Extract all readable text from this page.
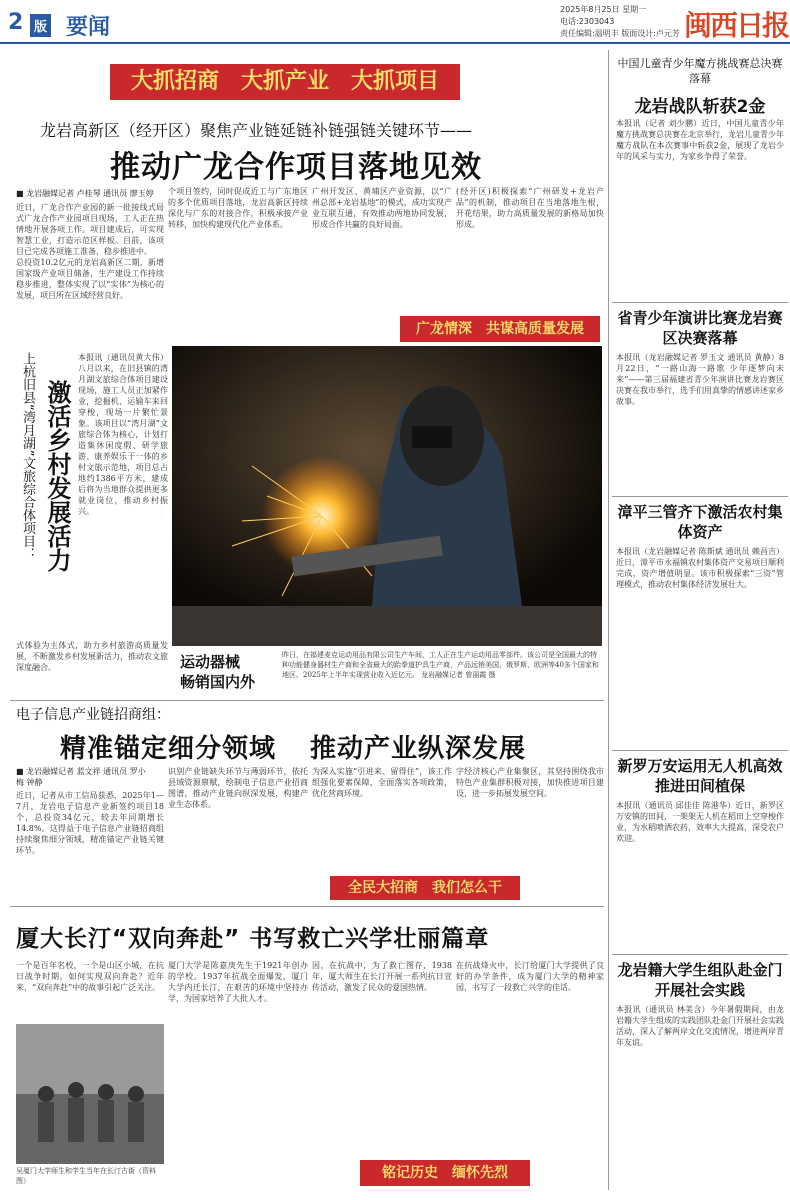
2 版 要闻
2025年8月25日 星期一
电话:2303043
责任编辑:温明丰 版面设计:卢元芳 闽西日报
大抓招商　大抓产业　大抓项目
龙岩高新区（经开区）聚焦产业链延链补链强链关键环节——
推动广龙合作项目落地见效
■ 龙岩融媒记者 卢桂琴 通讯员 廖玉婷

近日，广龙合作产业园的新一批接线式局式广龙合作产业园项目现场，工人正在热情地开展各项工作。项目建成后，可实现智慧工业，打造示范区样板。目前，该项目已完成各项施工准备，稳步推进中。

总投资10.2亿元的龙岩高新区二期，新增国家级产业项目储备，生产建设工作持续稳步推进，整体实现了以“实体”为核心的发展，项目所在区域经营良好。

个项目签约，同时促成近工与广东地区的多个优质项目落地，龙岩高新区持续深化与广东的对接合作，积极承接产业转移，加快构建现代化产业体系。
广州开发区、黄埔区产业资源，以“广州总部+龙岩基地”的模式，成功实现产业互联互通，有效推动两地协同发展，形成合作共赢的良好局面。
(经开区)积极探索“广州研发+龙岩产品”的机制，推动项目在当地落地生根，开花结果，助力高质量发展的新格局加快形成。
广龙情深　共谋高质量发展
上杭旧县“湾月湖”文旅综合体项目： 激活乡村发展活力
本报讯（通讯员黄大伟）八月以来，在旧县镇的湾月湖文旅综合体项目建设现场，施工人员正加紧作业，挖掘机、运输车来回穿梭，现场一片繁忙景象。该项目以“湾月湖”文旅综合体为核心，计划打造集休闲度假、研学旅游、康养娱乐于一体的乡村文旅示范地，项目总占地约1386平方米，建成后将为当地群众提供更多就业岗位，推动乡村振兴。
式体验为主体式，助力乡村旅游高质量发展，不断激发乡村发展新活力，推动农文旅深度融合。	运动器械
畅销国内外
昨日，在福建麦克运动用品有限公司生产车间，工人正在生产运动用品零部件。该公司是全国最大的特种功能健身器材生产商和全省最大的跆拳道护具生产商，产品远销美国、俄罗斯、欧洲等40多个国家和地区。2025年上半年实现营业收入近亿元。 龙岩融媒记者 曾丽霞 摄
电子信息产业链招商组：
精准锚定细分领域 推动产业纵深发展
■ 龙岩融媒记者 蓝文祥 通讯员 罗小梅 钟静
近日，记者从市工信局获悉，2025年1—7月，龙岩电子信息产业新签约项目18个，总投资34亿元，较去年同期增长14.8%。这得益于电子信息产业链招商组持续聚焦细分领域，精准锚定产业链关键环节。
识别产业链缺失环节与薄弱环节，依托县域资源禀赋，绘制电子信息产业招商图谱，推动产业链向纵深发展，构建产业生态体系。
为深入实施“引进来、留得住”，该工作组强化要素保障，全面落实各项政策，优化营商环境。
字经济核心产业集聚区，其坚持围绕我市特色产业集群积极对接，加快推进项目建设，进一步拓展发展空间。
全民大招商　我们怎么干
厦大长汀“双向奔赴” 书写救亡兴学壮丽篇章
一个是百年名校，一个是山区小城，在抗日战争时期，如何实现双向奔赴？近年来，“双向奔赴”中的故事引起广泛关注。
吴厦门大学师生和学生当年在长汀古街（资料图）
厦门大学是陈嘉庚先生于1921年创办的学校。1937年抗战全面爆发，厦门大学内迁长汀，在艰苦的环境中坚持办学，为国家培养了大批人才。
因，在抗战中，为了救亡图存，1938年，厦大师生在长汀开展一系列抗日宣传活动，激发了民众的爱国热情。
在抗战烽火中，长汀给厦门大学提供了良好的办学条件，成为厦门大学的精神家园，书写了一段救亡兴学的佳话。
铭记历史　缅怀先烈
中国儿童青少年魔方挑战赛总决赛落幕
龙岩战队斩获2金
本报讯（记者 刘少鹏）近日，中国儿童青少年魔方挑战赛总决赛在北京举行，龙岩儿童青少年魔方战队在本次赛事中斩获2金，展现了龙岩少年的风采与实力，为家乡争得了荣誉。
省青少年演讲比赛龙岩赛区决赛落幕
本报讯（龙岩融媒记者 罗玉文 通讯员 黄静）8月22日，“一路山海一路歌 少年逐梦向未来”——第三届福建省青少年演讲比赛龙岩赛区决赛在我市举行，选手们用真挚的情感讲述家乡故事。
漳平三管齐下激活农村集体资产
本报讯（龙岩融媒记者 陈斯斌 通讯员 赖昌吉）近日，漳平市永福镇农村集体资产交易项目顺利完成，资产增值明显。该市积极探索“三资”管理模式，推动农村集体经济发展壮大。
新罗万安运用无人机高效推进田间植保
本报讯（通讯员 邱佳佳 陈港华）近日，新罗区万安镇的田间，一架架无人机在稻田上空穿梭作业，为水稻喷洒农药，效率大大提高，深受农户欢迎。
龙岩籍大学生组队赴金门开展社会实践
本报讯（通讯员 林美含）今年暑假期间，由龙岩籍大学生组成的实践团队赴金门开展社会实践活动，深入了解两岸文化交流情况，增进两岸青年友谊。
